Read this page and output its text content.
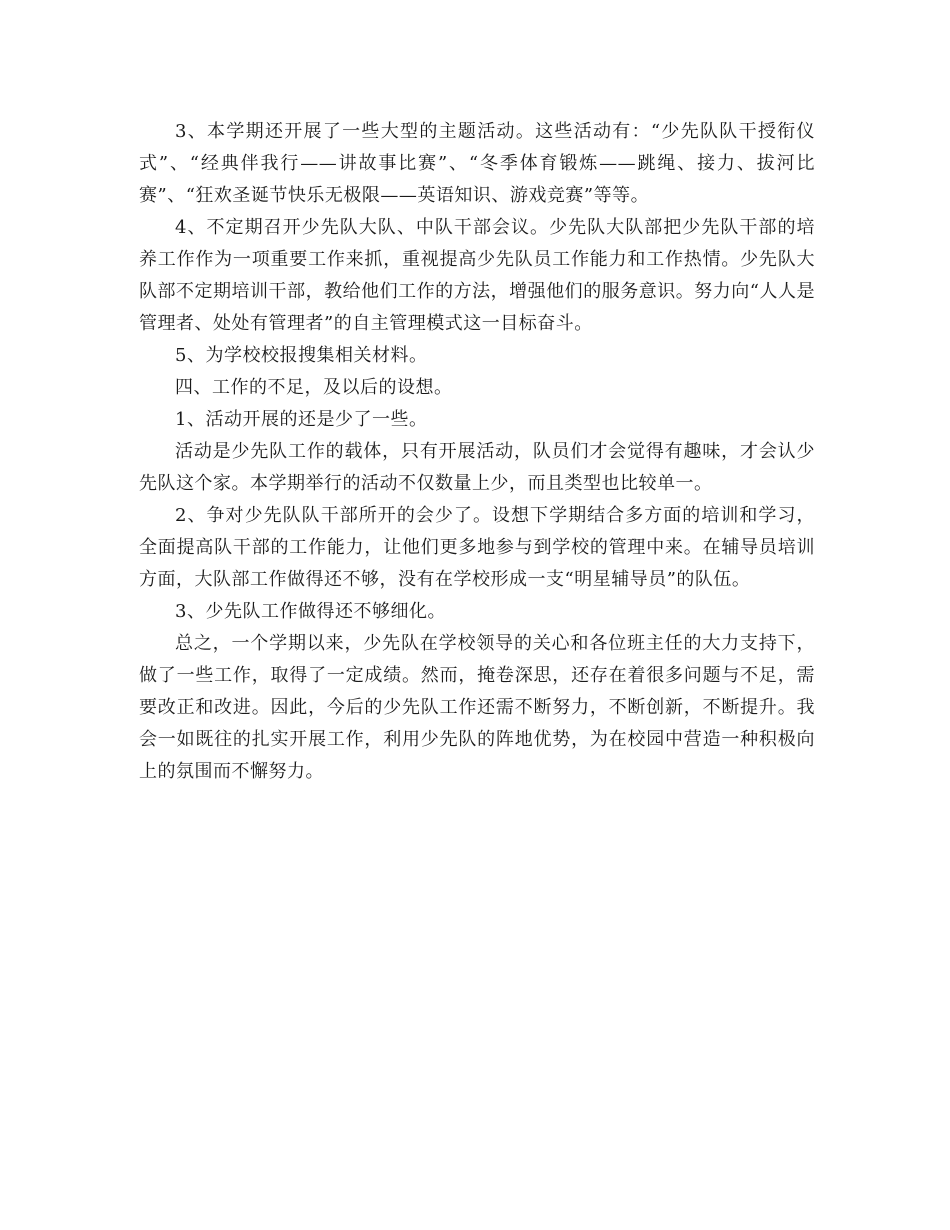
3、本学期还开展了一些大型的主题活动。这些活动有：“少先队队干授衔仪式”、“经典伴我行——讲故事比赛”、“冬季体育锻炼——跳绳、接力、拔河比赛”、“狂欢圣诞节快乐无极限——英语知识、游戏竞赛”等等。

4、不定期召开少先队大队、中队干部会议。少先队大队部把少先队干部的培养工作作为一项重要工作来抓，重视提高少先队员工作能力和工作热情。少先队大队部不定期培训干部，教给他们工作的方法，增强他们的服务意识。努力向“人人是管理者、处处有管理者”的自主管理模式这一目标奋斗。

5、为学校校报搜集相关材料。

四、工作的不足，及以后的设想。

1、活动开展的还是少了一些。

活动是少先队工作的载体，只有开展活动，队员们才会觉得有趣味，才会认少先队这个家。本学期举行的活动不仅数量上少，而且类型也比较单一。

2、争对少先队队干部所开的会少了。设想下学期结合多方面的培训和学习，全面提高队干部的工作能力，让他们更多地参与到学校的管理中来。在辅导员培训方面，大队部工作做得还不够，没有在学校形成一支“明星辅导员”的队伍。

3、少先队工作做得还不够细化。

总之，一个学期以来，少先队在学校领导的关心和各位班主任的大力支持下，做了一些工作，取得了一定成绩。然而，掩卷深思，还存在着很多问题与不足，需要改正和改进。因此，今后的少先队工作还需不断努力，不断创新，不断提升。我会一如既往的扎实开展工作，利用少先队的阵地优势，为在校园中营造一种积极向上的氛围而不懈努力。
